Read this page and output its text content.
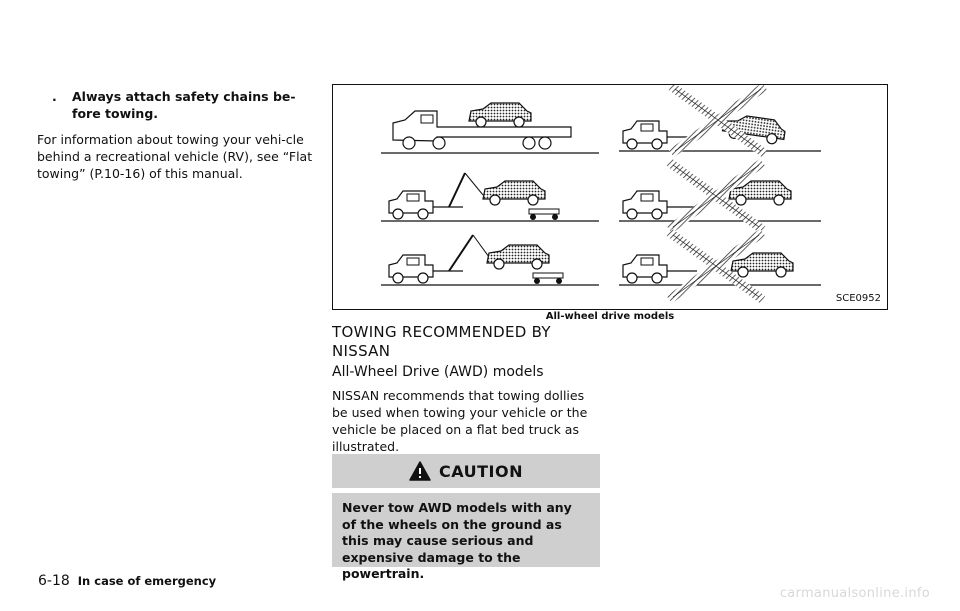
.	Always attach safety chains be-fore towing.
For information about towing your vehi-cle behind a recreational vehicle (RV), see “Flat towing” (P.10-16) of this manual.
SCE0952
All-wheel drive models
TOWING RECOMMENDED BY NISSAN
All-Wheel Drive (AWD) models
NISSAN recommends that towing dollies be used when towing your vehicle or the vehicle be placed on a flat bed truck as illustrated.
CAUTION
Never tow AWD models with any of the wheels on the ground as this may cause serious and expensive damage to the powertrain.
6-18 In case of emergency
carmanualsonline.info
